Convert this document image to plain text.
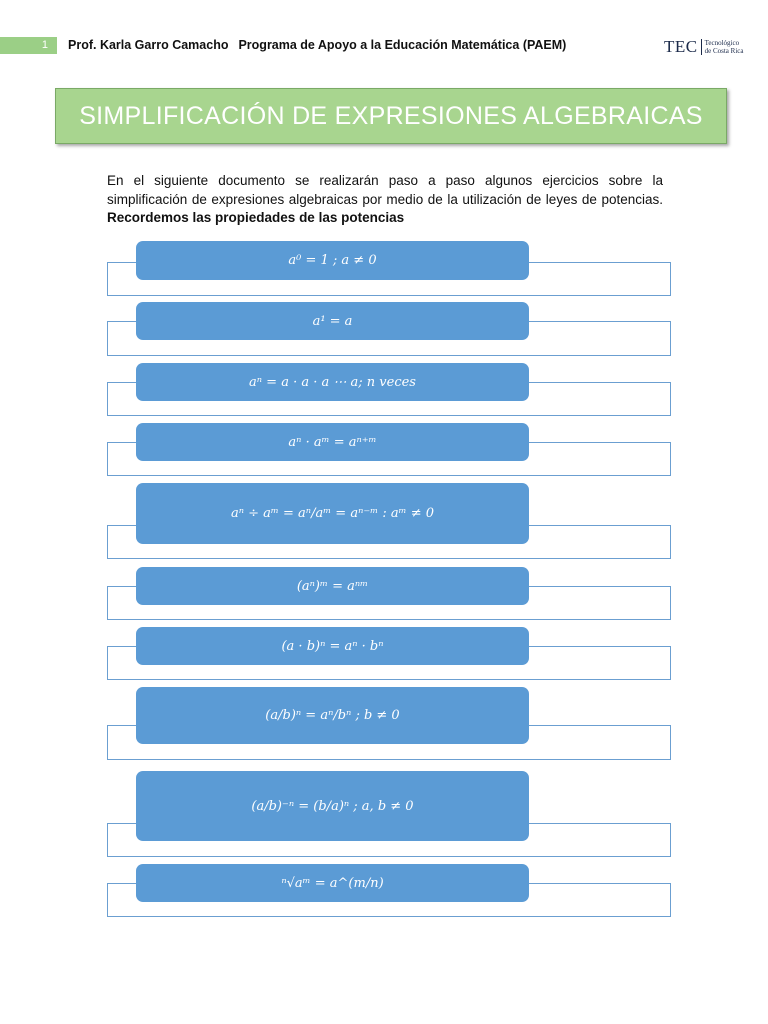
1	Prof. Karla Garro Camacho Programa de Apoyo a la Educación Matemática (PAEM)	TEC Tecnológico
de Costa Rica
SIMPLIFICACIÓN DE EXPRESIONES ALGEBRAICAS
En el siguiente documento se realizarán paso a paso algunos ejercicios sobre la simplificación de expresiones algebraicas por medio de la utilización de leyes de potencias. Recordemos las propiedades de las potencias
a⁰ = 1 ; a ≠ 0
a¹ = a
aⁿ = a · a · a ⋯ a; n veces
aⁿ · aᵐ = aⁿ⁺ᵐ
aⁿ ÷ aᵐ = aⁿ/aᵐ = aⁿ⁻ᵐ : aᵐ ≠ 0
(aⁿ)ᵐ = aⁿᵐ
(a · b)ⁿ = aⁿ · bⁿ
(a/b)ⁿ = aⁿ/bⁿ ; b ≠ 0
(a/b)⁻ⁿ = (b/a)ⁿ ; a, b ≠ 0
ⁿ√aᵐ = a^(m/n)
